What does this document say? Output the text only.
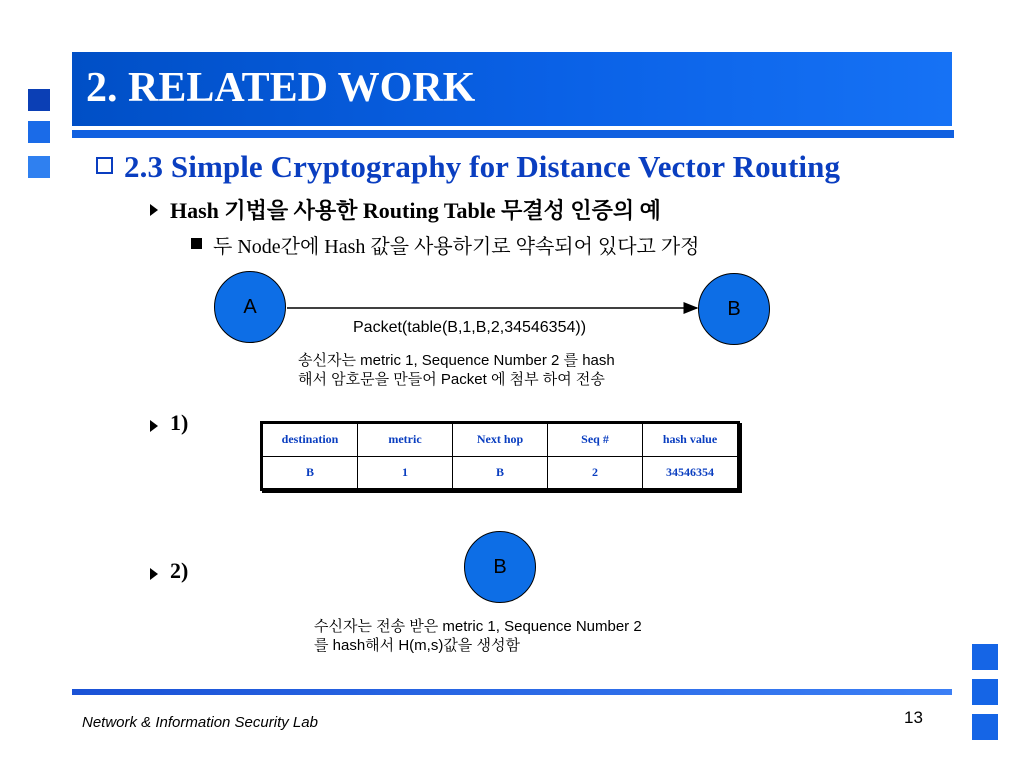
2. RELATED WORK
2.3 Simple Cryptography for Distance Vector Routing
Hash 기법을 사용한 Routing Table 무결성 인증의 예
두 Node간에 Hash 값을 사용하기로 약속되어 있다고 가정
A	B
Packet(table(B,1,B,2,34546354))
송신자는 metric 1, Sequence Number 2 를 hash
해서 암호문을 만들어 Packet 에 첨부 하여 전송
1)
destination	metric	Next hop	Seq #	hash value
B	1	B	2	34546354
2)	B
수신자는 전송 받은 metric 1, Sequence Number 2
를 hash해서 H(m,s)값을 생성함
Network & Information Security Lab	13
